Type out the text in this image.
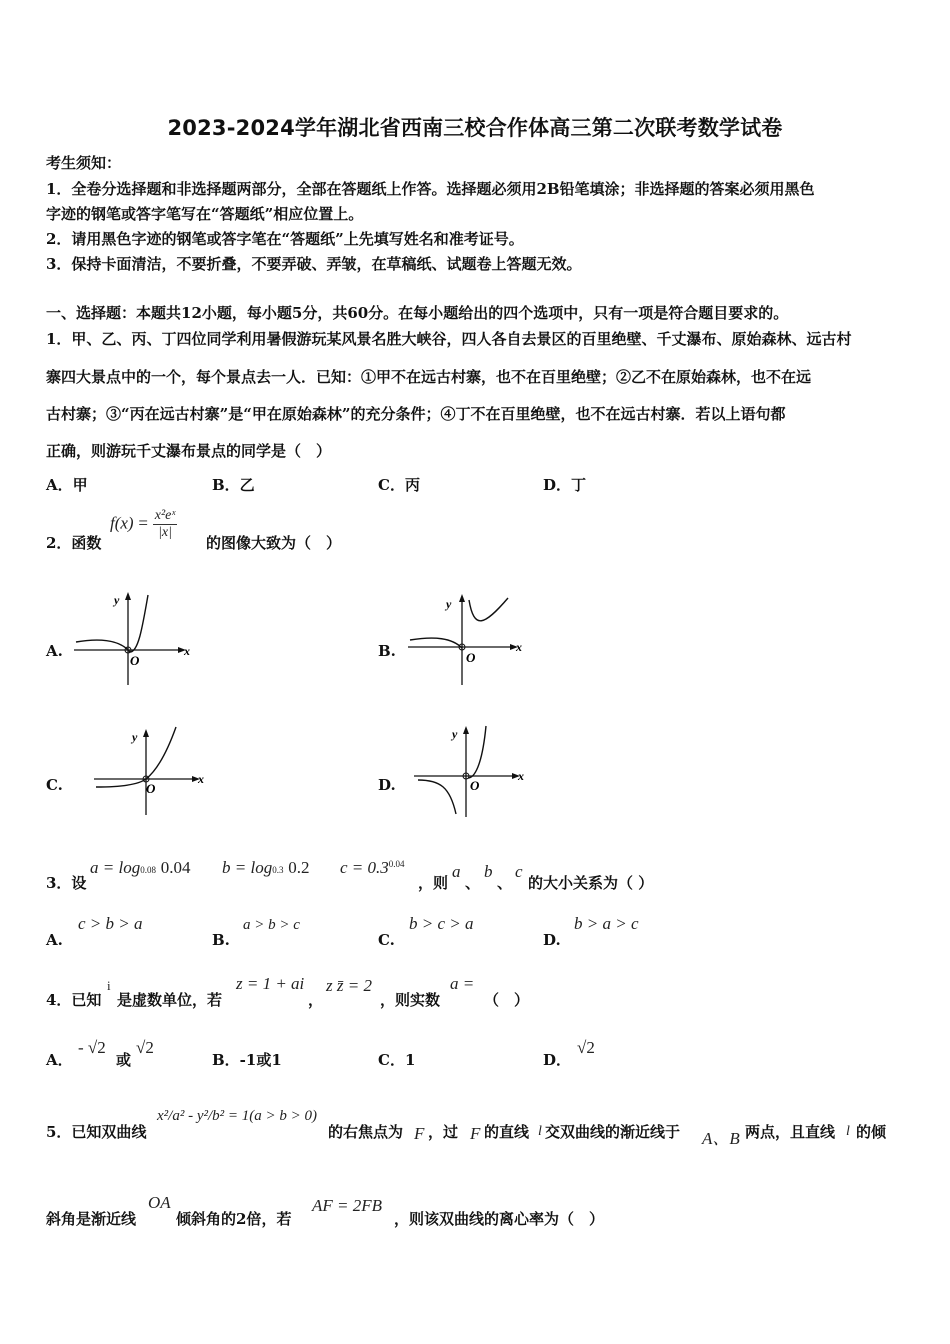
2023-2024学年湖北省西南三校合作体高三第二次联考数学试卷
考生须知：
1．全卷分选择题和非选择题两部分，全部在答题纸上作答。选择题必须用2B铅笔填涂；非选择题的答案必须用黑色
字迹的钢笔或答字笔写在“答题纸”相应位置上。
2．请用黑色字迹的钢笔或答字笔在“答题纸”上先填写姓名和准考证号。
3．保持卡面清洁，不要折叠，不要弄破、弄皱，在草稿纸、试题卷上答题无效。
一、选择题：本题共12小题，每小题5分，共60分。在每小题给出的四个选项中，只有一项是符合题目要求的。
1．甲、乙、丙、丁四位同学利用暑假游玩某风景名胜大峡谷，四人各自去景区的百里绝壁、千丈瀑布、原始森林、远古村
寨四大景点中的一个，每个景点去一人．已知：①甲不在远古村寨，也不在百里绝壁；②乙不在原始森林，也不在远
古村寨；③“丙在远古村寨”是“甲在原始森林”的充分条件；④丁不在百里绝壁，也不在远古村寨．若以上语句都
正确，则游玩千丈瀑布景点的同学是（　）
A．甲	B．乙	C．丙	D．丁
2．函数
$f(x) = \frac{\text{x²eˣ}}{|x|}$
的图像大致为（　）
A.	B.
C.	D.
y
x
O
y
x
O
y
x
O
y
x
O
3．设
a = log0.08 0.04 b = log0.3 0.2 $c = 0.3^{0.04}$
，则
a
、
b
、
c
的大小关系为（ ）
A.
c > b > a
B.
a > b > c
C.
b > c > a
D.
b > a > c
4．已知
i
是虚数单位，若
z = 1 + ai
，
z z̄ = 2
，则实数
a =
（　）
A．
- √2
或
√2
B．-1或1	C．1	D．
√2
5．已知双曲线
x²/a² - y²/b² = 1(a > b > 0)
的右焦点为 F ，过 F 的直线 l 交双曲线的渐近线于 A、B 两点，且直线 l 的倾
斜角是渐近线
OA
倾斜角的2倍，若
AF = 2FB
，则该双曲线的离心率为（　）
